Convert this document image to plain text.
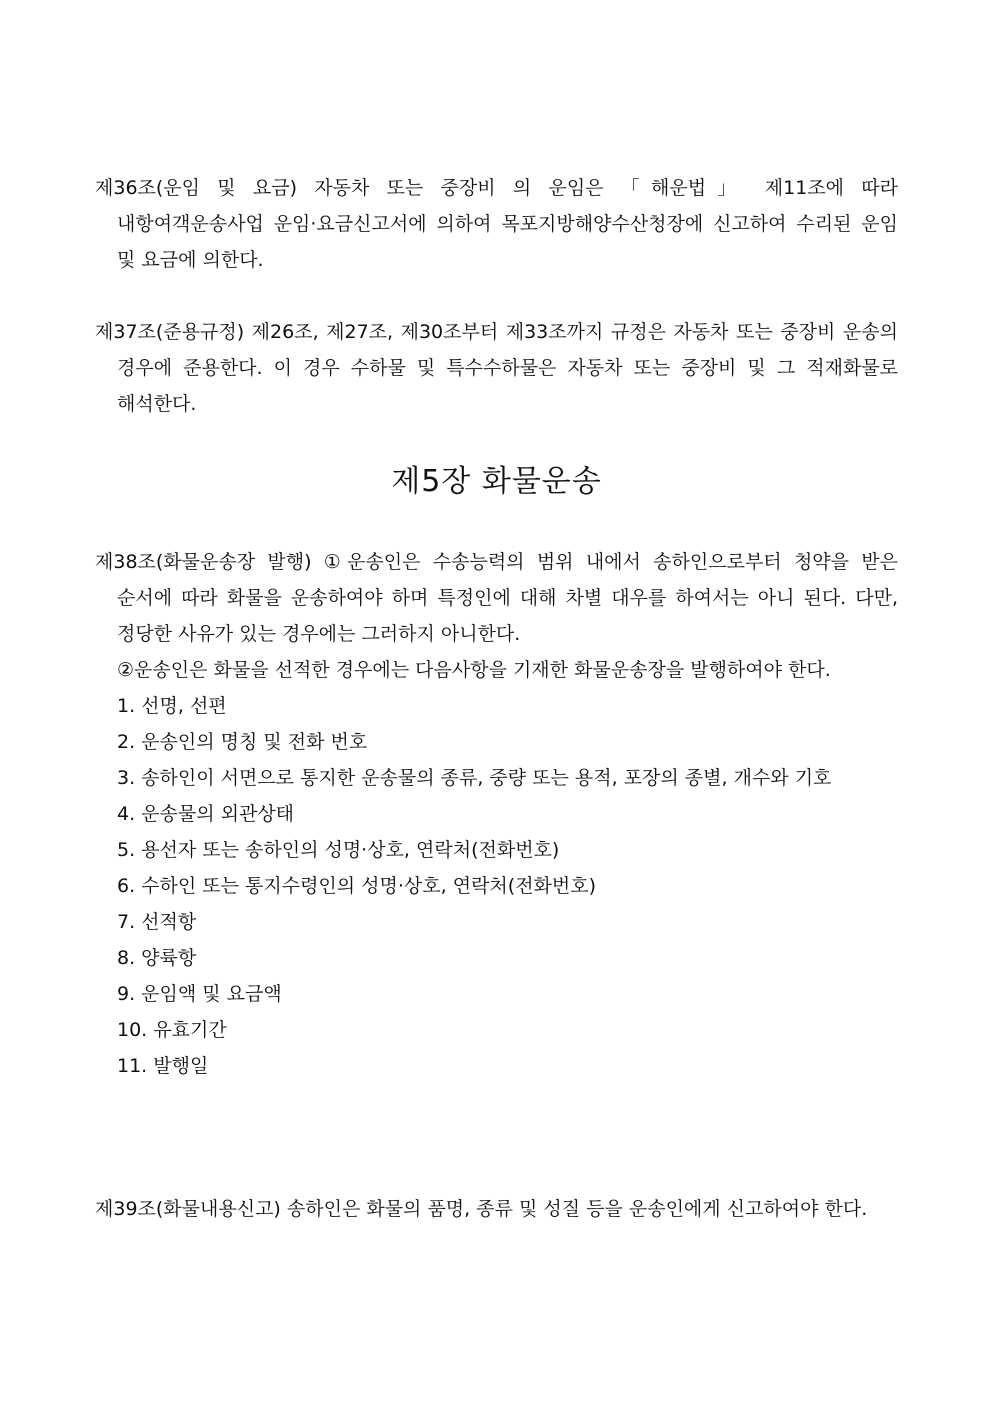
제36조(운임 및 요금) 자동차 또는 중장비 의 운임은 「해운법」 제11조에 따라 내항여객운송사업 운임·요금신고서에 의하여 목포지방해양수산청장에 신고하여 수리된 운임 및 요금에 의한다.
제37조(준용규정) 제26조, 제27조, 제30조부터 제33조까지 규정은 자동차 또는 중장비 운송의 경우에 준용한다. 이 경우 수하물 및 특수수하물은 자동차 또는 중장비 및 그 적재화물로 해석한다.
제5장 화물운송
제38조(화물운송장 발행) ①운송인은 수송능력의 범위 내에서 송하인으로부터 청약을 받은 순서에 따라 화물을 운송하여야 하며 특정인에 대해 차별 대우를 하여서는 아니 된다. 다만, 정당한 사유가 있는 경우에는 그러하지 아니한다.
②운송인은 화물을 선적한 경우에는 다음사항을 기재한 화물운송장을 발행하여야 한다.
1. 선명, 선편
2. 운송인의 명칭 및 전화 번호
3. 송하인이 서면으로 통지한 운송물의 종류, 중량 또는 용적, 포장의 종별, 개수와 기호
4. 운송물의 외관상태
5. 용선자 또는 송하인의 성명·상호, 연락처(전화번호)
6. 수하인 또는 통지수령인의 성명·상호, 연락처(전화번호)
7. 선적항
8. 양륙항
9. 운임액 및 요금액
10. 유효기간
11. 발행일
제39조(화물내용신고) 송하인은 화물의 품명, 종류 및 성질 등을 운송인에게 신고하여야 한다.
